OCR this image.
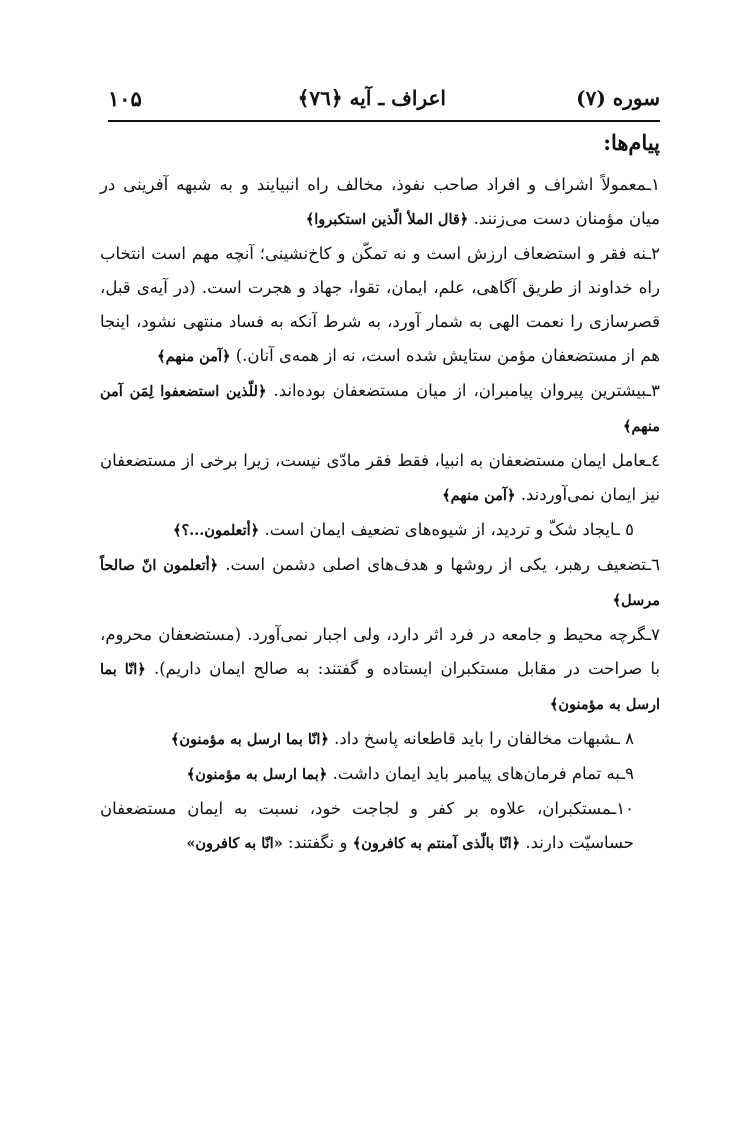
سوره (۷)
اعراف ـ آیه ﴿۷٦﴾
۱۰۵
پیام‌ها:

۱ـمعمولاً اشراف و افراد صاحب نفوذ، مخالف راه انبیایند و به شبهه آفرینی در میان مؤمنان دست می‌زنند. ﴿قال الملأ الّذین استکبروا﴾

۲ـنه فقر و استضعاف ارزش است و نه تمکّن و کاخ‌نشینی؛ آنچه مهم است انتخاب راه خداوند از طریق آگاهی، علم، ایمان، تقوا، جهاد و هجرت است. (در آیه‌ی قبل، قصرسازی را نعمت الهی به شمار آورد، به شرط آنکه به فساد منتهی نشود، اینجا هم از مستضعفان مؤمن ستایش شده است، نه از همه‌ی آنان.) ﴿آمن منهم﴾

۳ـبیشترین پیروان پیامبران، از میان مستضعفان بوده‌اند. ﴿للّذین استضعفوا لِمَن آمن منهم﴾

٤ـعامل ایمان مستضعفان به انبیا، فقط فقر مادّی نیست، زیرا برخی از مستضعفان نیز ایمان نمی‌آوردند. ﴿آمن منهم﴾

٥ ـایجاد شکّ و تردید، از شیوه‌های تضعیف ایمان است. ﴿أتعلمون...؟﴾

٦ـتضعیف رهبر، یکی از روشها و هدف‌های اصلی دشمن است. ﴿أتعلمون انّ صالحاً مرسل﴾

۷ـگرچه محیط و جامعه در فرد اثر دارد، ولی اجبار نمی‌آورد. (مستضعفان محروم، با صراحت در مقابل مستکبران ایستاده و گفتند: به صالح ایمان داریم). ﴿انّا بما ارسل به مؤمنون﴾

۸ ـشبهات مخالفان را باید قاطعانه پاسخ داد. ﴿انّا بما ارسل به مؤمنون﴾

۹ـبه تمام فرمان‌های پیامبر باید ایمان داشت. ﴿بما ارسل به مؤمنون﴾

۱۰ـمستکبران، علاوه بر کفر و لجاجت خود، نسبت به ایمان مستضعفان حساسیّت دارند. ﴿انّا بالّذی آمنتم به کافرون﴾ و نگفتند: «انّا به کافرون»
